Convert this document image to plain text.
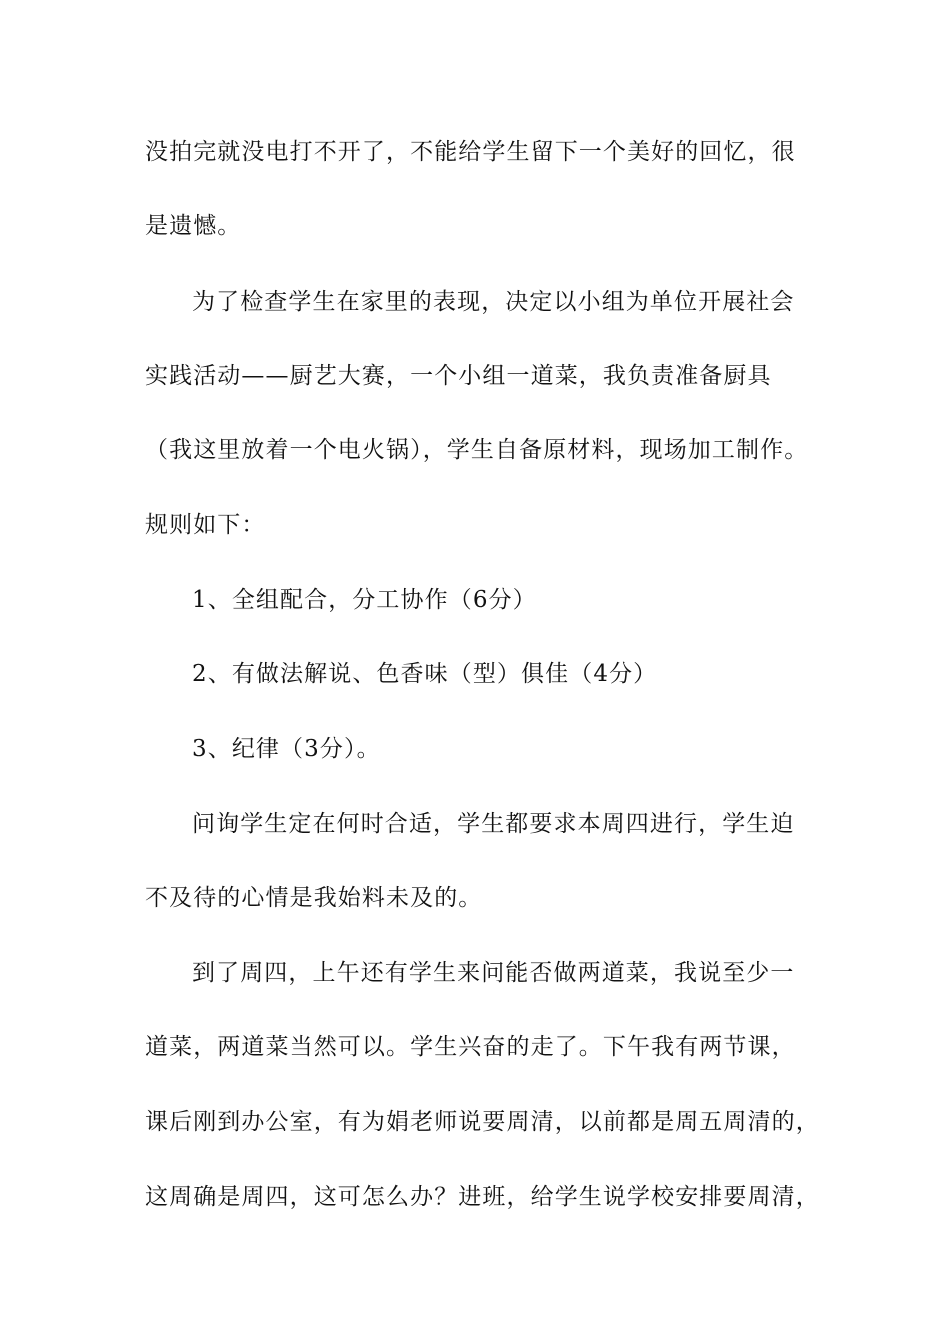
没拍完就没电打不开了，不能给学生留下一个美好的回忆，很
是遗憾。
为了检查学生在家里的表现，决定以小组为单位开展社会
实践活动——厨艺大赛，一个小组一道菜，我负责准备厨具
（我这里放着一个电火锅），学生自备原材料，现场加工制作。
规则如下：
1、全组配合，分工协作（6分）
2、有做法解说、色香味（型）俱佳（4分）
3、纪律（3分）。
问询学生定在何时合适，学生都要求本周四进行，学生迫
不及待的心情是我始料未及的。
到了周四，上午还有学生来问能否做两道菜，我说至少一
道菜，两道菜当然可以。学生兴奋的走了。下午我有两节课，
课后刚到办公室，有为娟老师说要周清，以前都是周五周清的，
这周确是周四，这可怎么办？进班，给学生说学校安排要周清，
